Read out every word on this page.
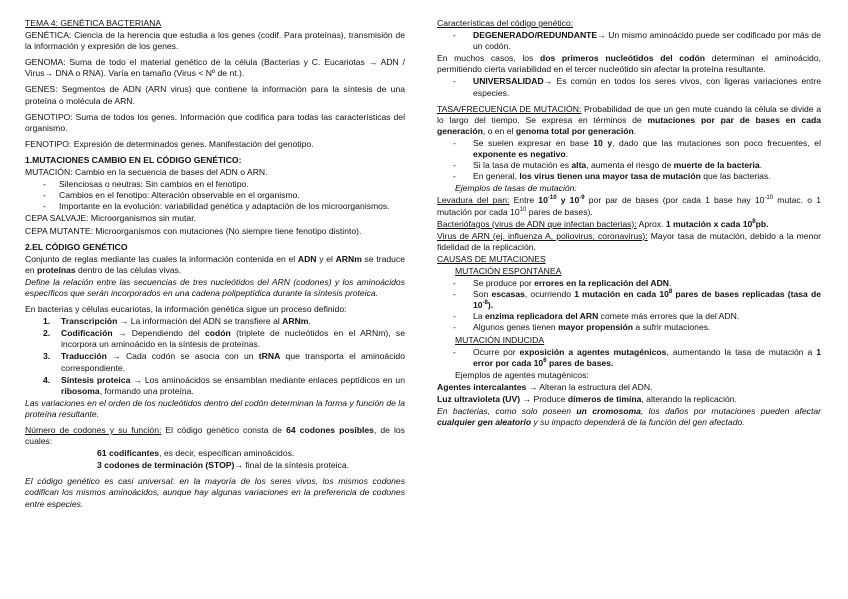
TEMA 4: GENÉTICA BACTERIANA

GENÉTICA: Ciencia de la herencia que estudia a los genes (codif. Para proteínas), transmisión de la información y expresión de los genes.

GENOMA: Suma de todo el material genético de la célula (Bacterias y C. Eucariotas → ADN / Virus→ DNA o RNA). Varía en tamaño (Virus < Nº de nt.).

GENES: Segmentos de ADN (ARN virus) que contiene la información para la síntesis de una proteína o molécula de ARN.

GENOTIPO: Suma de todos los genes. Información que codifica para todas las características del organismo.

FENOTIPO: Expresión de determinados genes. Manifestación del genotipo.

1.MUTACIONES CAMBIO EN EL CÓDIGO GENÉTICO:

MUTACIÓN: Cambio en la secuencia de bases del ADN o ARN.

- Silenciosas o neutras: Sin cambios en el fenotipo.
- Cambios en el fenotipo: Alteración observable en el organismo.
- Importante en la evolución: variabilidad genética y adaptación de los microorganismos.

CEPA SALVAJE: Microorganismos sin mutar.

CEPA MUTANTE: Microorganismos con mutaciones (No siempre tiene fenotipo distinto).

2.EL CÓDIGO GENÉTICO

Conjunto de reglas mediante las cuales la información contenida en el ADN y el ARNm se traduce en proteínas dentro de las células vivas.

Define la relación entre las secuencias de tres nucleótidos del ARN (codones) y los aminoácidos específicos que serán incorporados en una cadena polipeptídica durante la síntesis proteica.

En bacterias y células eucariotas, la información genética sigue un proceso definido:

1. Transcripción → La información del ADN se transfiere al ARNm.
2. Codificación → Dependiendo del codón (triplete de nucleótidos en el ARNm), se incorpora un aminoácido en la síntesis de proteínas.
3. Traducción → Cada codón se asocia con un tRNA que transporta el aminoácido correspondiente.
4. Síntesis proteica → Los aminoácidos se ensamblan mediante enlaces peptídicos en un ribosoma, formando una proteína.

Las variaciones en el orden de los nucleótidos dentro del codón determinan la forma y función de la proteína resultante.

Número de codones y su función: El código genético consta de 64 codones posibles, de los cuales:

61 codificantes, es decir, especifican aminoácidos.

3 codones de terminación (STOP)→ final de la síntesis proteica.

El código genético es casi universal: en la mayoría de los seres vivos, los mismos codones codifican los mismos aminoácidos, aunque hay algunas variaciones en la preferencia de codones entre especies.

Características del código genético:

- DEGENERADO/REDUNDANTE→ Un mismo aminoácido puede ser codificado por más de un codón.

En muchos casos, los dos primeros nucleótidos del codón determinan el aminoácido, permitiendo cierta variabilidad en el tercer nucleótido sin afectar la proteína resultante.

- UNIVERSALIDAD→ Es común en todos los seres vivos, con ligeras variaciones entre especies.

TASA/FRECUENCIA DE MUTACIÓN: Probabilidad de que un gen mute cuando la célula se divide a lo largo del tiempo. Se expresa en términos de mutaciones por par de bases en cada generación, o en el genoma total por generación.

- Se suelen expresar en base 10 y, dado que las mutaciones son poco frecuentes, el exponente es negativo.
- Si la tasa de mutación es alta, aumenta el riesgo de muerte de la bacteria.
- En general, los virus tienen una mayor tasa de mutación que las bacterias.

Ejemplos de tasas de mutación:

Levadura del pan: Entre $10^{-10}$ y $10^{-9}$ por par de bases (por cada 1 base hay $10^{-10}$ mutac. o 1 mutación por cada $10^{10}$ pares de bases).

Bacteriófagos (virus de ADN que infectan bacterias): Aprox. 1 mutación x cada $10^8pb$.

Virus de ARN (ej. influenza A, poliovirus, coronavirus): Mayor tasa de mutación, debido a la menor fidelidad de la replicación.

CAUSAS DE MUTACIONES

MUTACIÓN ESPONTÁNEA

- Se produce por errores en la replicación del ADN.
- Son escasas, ocurriendo 1 mutación en cada $10^8$ pares de bases replicadas (tasa de $10^{-8}$).
- La enzima replicadora del ARN comete más errores que la del ADN.
- Algunos genes tienen mayor propensión a sufrir mutaciones.

MUTACIÓN INDUCIDA

- Ocurre por exposición a agentes mutagénicos, aumentando la tasa de mutación a 1 error por cada $10^6$ pares de bases.

Ejemplos de agentes mutagénicos:

Agentes intercalantes → Alteran la estructura del ADN.

Luz ultravioleta (UV) → Produce dímeros de timina, alterando la replicación.

En bacterias, como solo poseen un cromosoma, los daños por mutaciones pueden afectar cualquier gen aleatorio y su impacto dependerá de la función del gen afectado.
